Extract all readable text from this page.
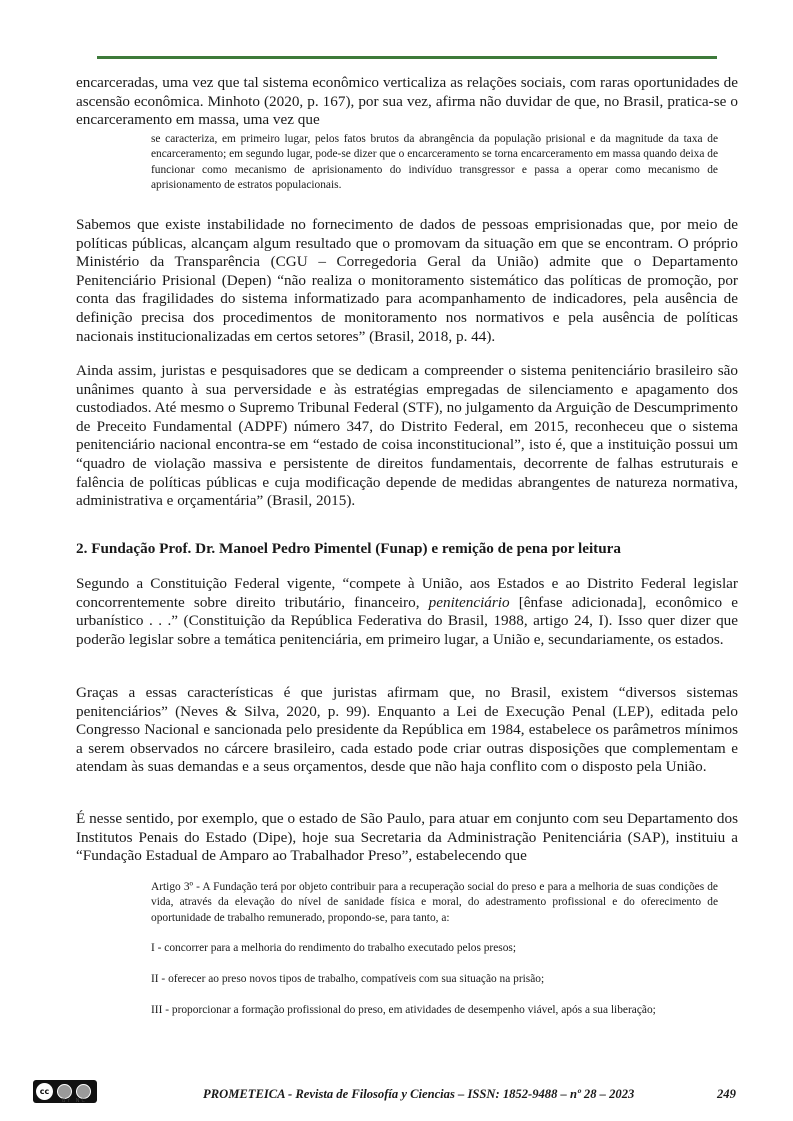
encarceradas, uma vez que tal sistema econômico verticaliza as relações sociais, com raras oportunidades de ascensão econômica. Minhoto (2020, p. 167), por sua vez, afirma não duvidar de que, no Brasil, pratica-se o encarceramento em massa, uma vez que

se caracteriza, em primeiro lugar, pelos fatos brutos da abrangência da população prisional e da magnitude da taxa de encarceramento; em segundo lugar, pode-se dizer que o encarceramento se torna encarceramento em massa quando deixa de funcionar como mecanismo de aprisionamento do indivíduo transgressor e passa a operar como mecanismo de aprisionamento de estratos populacionais.

Sabemos que existe instabilidade no fornecimento de dados de pessoas emprisionadas que, por meio de políticas públicas, alcançam algum resultado que o promovam da situação em que se encontram. O próprio Ministério da Transparência (CGU – Corregedoria Geral da União) admite que o Departamento Penitenciário Prisional (Depen) “não realiza o monitoramento sistemático das políticas de promoção, por conta das fragilidades do sistema informatizado para acompanhamento de indicadores, pela ausência de definição precisa dos procedimentos de monitoramento nos normativos e pela ausência de políticas nacionais institucionalizadas em certos setores” (Brasil, 2018, p. 44).

Ainda assim, juristas e pesquisadores que se dedicam a compreender o sistema penitenciário brasileiro são unânimes quanto à sua perversidade e às estratégias empregadas de silenciamento e apagamento dos custodiados. Até mesmo o Supremo Tribunal Federal (STF), no julgamento da Arguição de Descumprimento de Preceito Fundamental (ADPF) número 347, do Distrito Federal, em 2015, reconheceu que o sistema penitenciário nacional encontra-se em “estado de coisa inconstitucional”, isto é, que a instituição possui um “quadro de violação massiva e persistente de direitos fundamentais, decorrente de falhas estruturais e falência de políticas públicas e cuja modificação depende de medidas abrangentes de natureza normativa, administrativa e orçamentária” (Brasil, 2015).

2. Fundação Prof. Dr. Manoel Pedro Pimentel (Funap) e remição de pena por leitura

Segundo a Constituição Federal vigente, “compete à União, aos Estados e ao Distrito Federal legislar concorrentemente sobre direito tributário, financeiro, penitenciário [ênfase adicionada], econômico e urbanístico . . .” (Constituição da República Federativa do Brasil, 1988, artigo 24, I). Isso quer dizer que poderão legislar sobre a temática penitenciária, em primeiro lugar, a União e, secundariamente, os estados.

Graças a essas características é que juristas afirmam que, no Brasil, existem “diversos sistemas penitenciários” (Neves & Silva, 2020, p. 99). Enquanto a Lei de Execução Penal (LEP), editada pelo Congresso Nacional e sancionada pelo presidente da República em 1984, estabelece os parâmetros mínimos a serem observados no cárcere brasileiro, cada estado pode criar outras disposições que complementam e atendam às suas demandas e a seus orçamentos, desde que não haja conflito com o disposto pela União.

É nesse sentido, por exemplo, que o estado de São Paulo, para atuar em conjunto com seu Departamento dos Institutos Penais do Estado (Dipe), hoje sua Secretaria da Administração Penitenciária (SAP), instituiu a “Fundação Estadual de Amparo ao Trabalhador Preso”, estabelecendo que

Artigo 3º - A Fundação terá por objeto contribuir para a recuperação social do preso e para a melhoria de suas condições de vida, através da elevação do nível de sanidade física e moral, do adestramento profissional e do oferecimento de oportunidade de trabalho remunerado, propondo-se, para tanto, a:

I - concorrer para a melhoria do rendimento do trabalho executado pelos presos;

II - oferecer ao preso novos tipos de trabalho, compatíveis com sua situação na prisão;

III - proporcionar a formação profissional do preso, em atividades de desempenho viável, após a sua liberação;

cc
BY NC	PROMETEICA - Revista de Filosofía y Ciencias – ISSN: 1852-9488 – nº 28 – 2023	249
